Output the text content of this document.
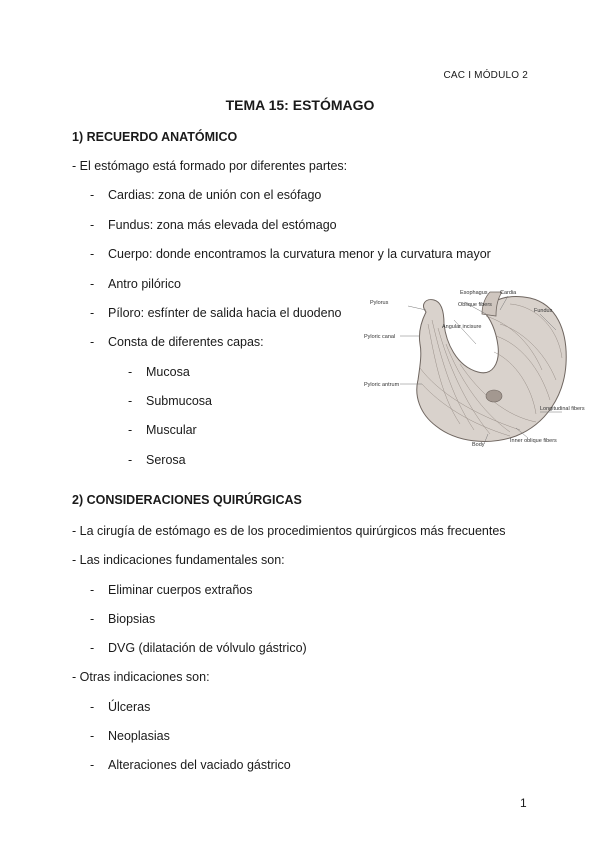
CAC I MÓDULO 2
TEMA 15: ESTÓMAGO
1) RECUERDO ANATÓMICO
- El estómago está formado por diferentes partes:
- Cardias: zona de unión con el esófago
- Fundus: zona más elevada del estómago
- Cuerpo: donde encontramos la curvatura menor y la curvatura mayor
- Antro pilórico
- Píloro: esfínter de salida hacia el duodeno
- Consta de diferentes capas:
- Mucosa
- Submucosa
- Muscular
- Serosa
Pylorus
Esophagus Cardia
Oblique fibers
Fundus
Pyloric canal
Angular incisure
Pyloric antrum
Longitudinal fibers
Body
Inner oblique fibers
2) CONSIDERACIONES QUIRÚRGICAS
- La cirugía de estómago es de los procedimientos quirúrgicos más frecuentes
- Las indicaciones fundamentales son:
- Eliminar cuerpos extraños
- Biopsias
- DVG (dilatación de vólvulo gástrico)
- Otras indicaciones son:
- Úlceras
- Neoplasias
- Alteraciones del vaciado gástrico
1
